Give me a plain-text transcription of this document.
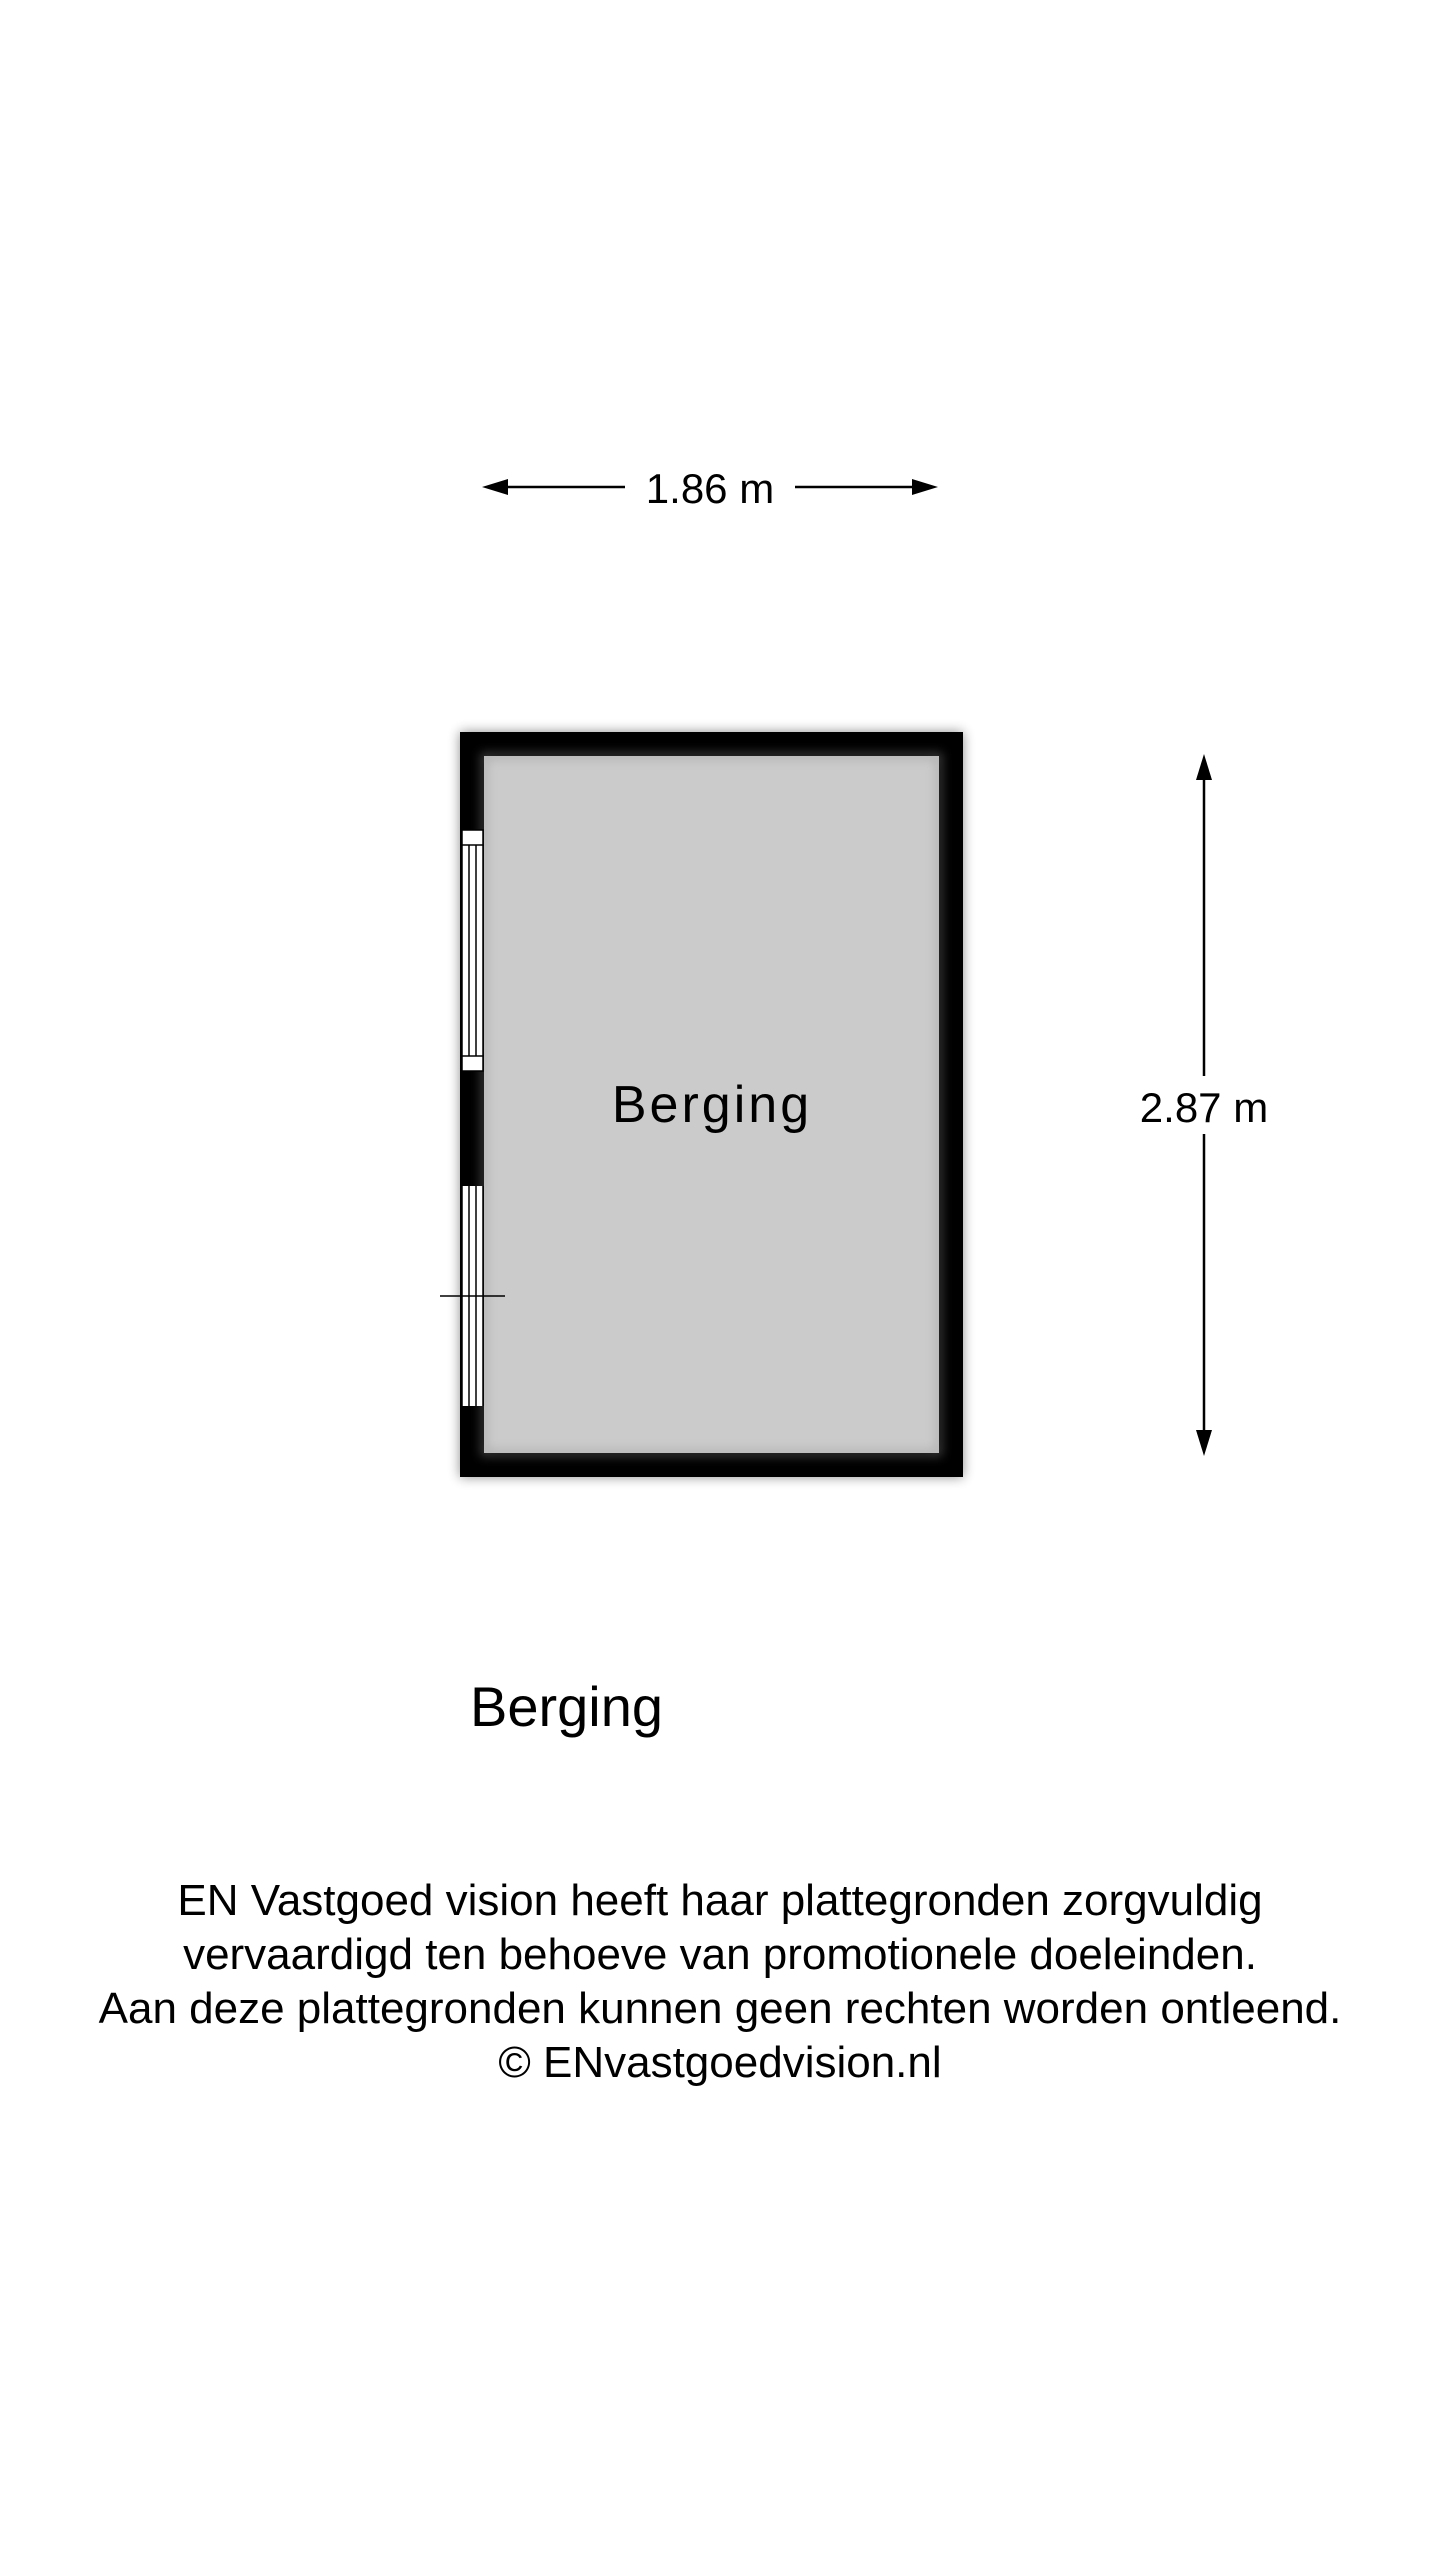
1.86 m
2.87 m
Berging
Berging
EN Vastgoed vision heeft haar plattegronden zorgvuldig
vervaardigd ten behoeve van promotionele doeleinden.
Aan deze plattegronden kunnen geen rechten worden ontleend.
© ENvastgoedvision.nl
